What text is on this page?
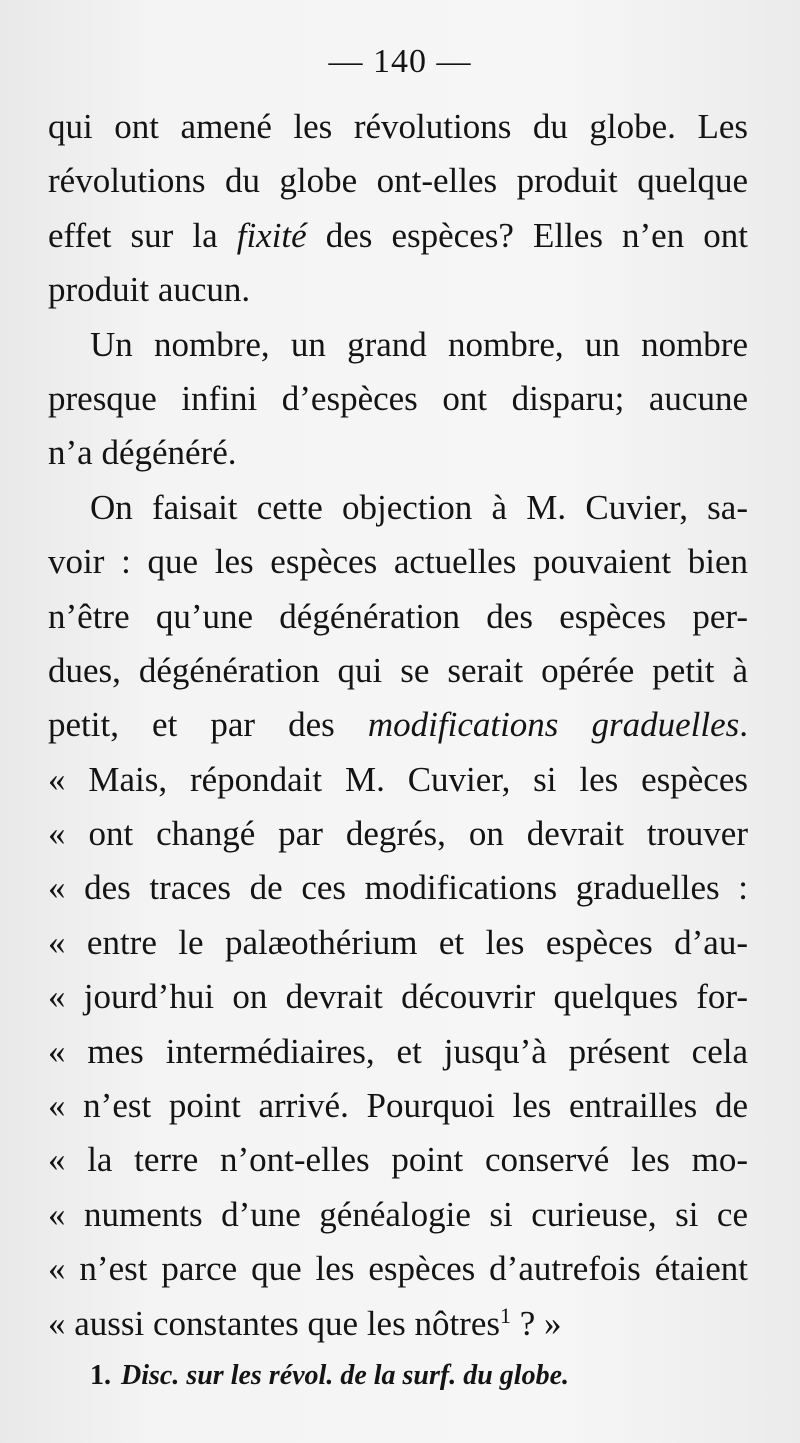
— 140 —
qui ont amené les révolutions du globe. Les
révolutions du globe ont-elles produit quelque
effet sur la fixité des espèces? Elles n’en ont
produit aucun.
Un nombre, un grand nombre, un nombre
presque infini d’espèces ont disparu; aucune
n’a dégénéré.
On faisait cette objection à M. Cuvier, sa-
voir : que les espèces actuelles pouvaient bien
n’être qu’une dégénération des espèces per-
dues, dégénération qui se serait opérée petit à
petit, et par des modifications graduelles.
« Mais, répondait M. Cuvier, si les espèces
« ont changé par degrés, on devrait trouver
« des traces de ces modifications graduelles :
« entre le palæothérium et les espèces d’au-
« jourd’hui on devrait découvrir quelques for-
« mes intermédiaires, et jusqu’à présent cela
« n’est point arrivé. Pourquoi les entrailles de
« la terre n’ont-elles point conservé les mo-
« numents d’une généalogie si curieuse, si ce
« n’est parce que les espèces d’autrefois étaient
« aussi constantes que les nôtres$^1$ ? »
1. Disc. sur les révol. de la surf. du globe.
